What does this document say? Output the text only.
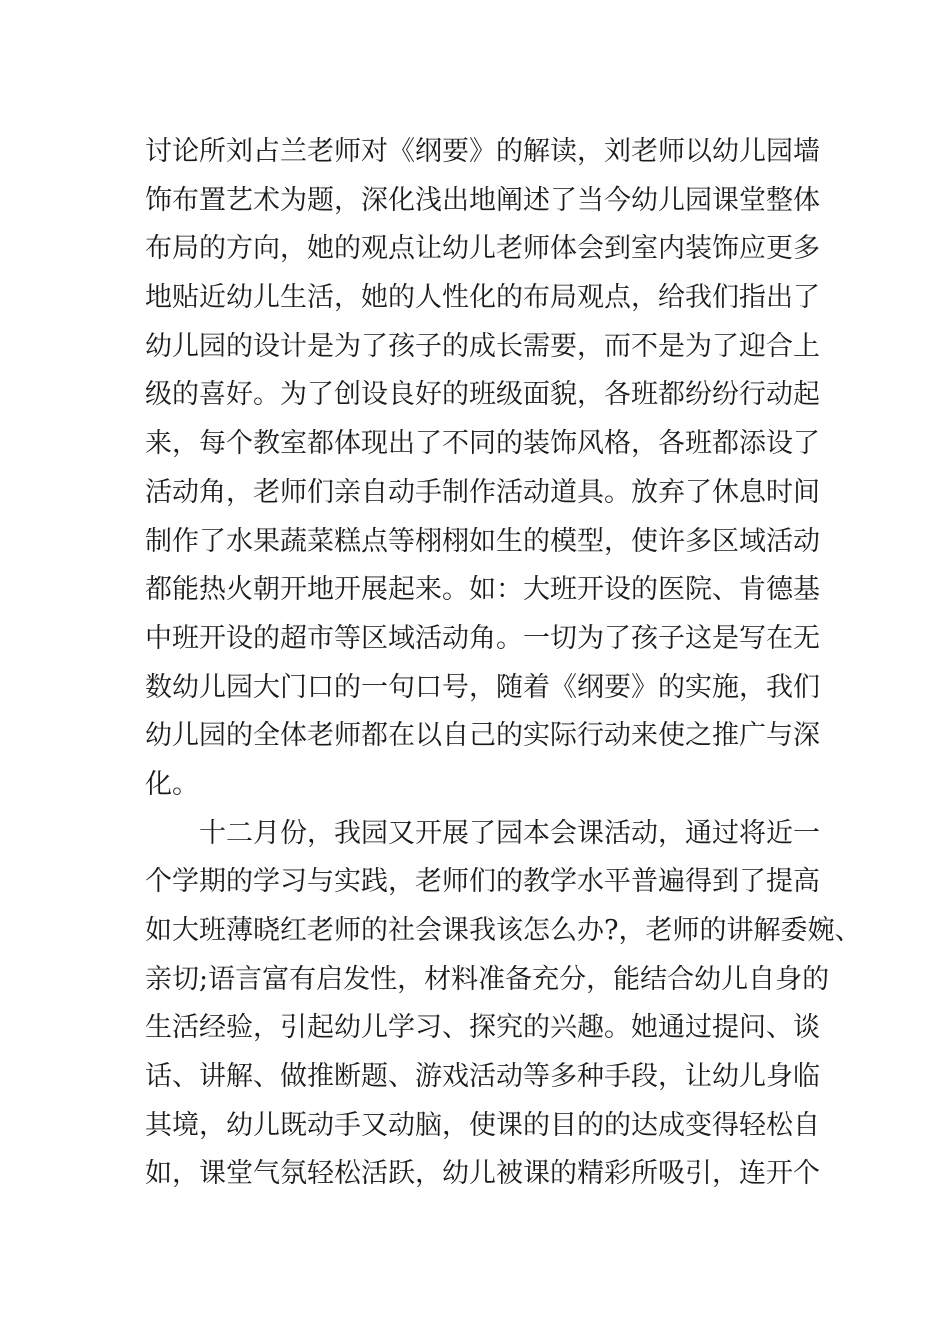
讨论所刘占兰老师对《纲要》的解读，刘老师以幼儿园墙
饰布置艺术为题，深化浅出地阐述了当今幼儿园课堂整体
布局的方向，她的观点让幼儿老师体会到室内装饰应更多
地贴近幼儿生活，她的人性化的布局观点，给我们指出了
幼儿园的设计是为了孩子的成长需要，而不是为了迎合上
级的喜好。为了创设良好的班级面貌，各班都纷纷行动起
来，每个教室都体现出了不同的装饰风格，各班都添设了
活动角，老师们亲自动手制作活动道具。放弃了休息时间
制作了水果蔬菜糕点等栩栩如生的模型，使许多区域活动
都能热火朝开地开展起来。如：大班开设的医院、肯德基
中班开设的超市等区域活动角。一切为了孩子这是写在无
数幼儿园大门口的一句口号，随着《纲要》的实施，我们
幼儿园的全体老师都在以自己的实际行动来使之推广与深
化。
十二月份，我园又开展了园本会课活动，通过将近一
个学期的学习与实践，老师们的教学水平普遍得到了提高
如大班薄晓红老师的社会课我该怎么办?，老师的讲解委婉、
亲切;语言富有启发性，材料准备充分，能结合幼儿自身的
生活经验，引起幼儿学习、探究的兴趣。她通过提问、谈
话、讲解、做推断题、游戏活动等多种手段，让幼儿身临
其境，幼儿既动手又动脑，使课的目的的达成变得轻松自
如，课堂气氛轻松活跃，幼儿被课的精彩所吸引，连开个
